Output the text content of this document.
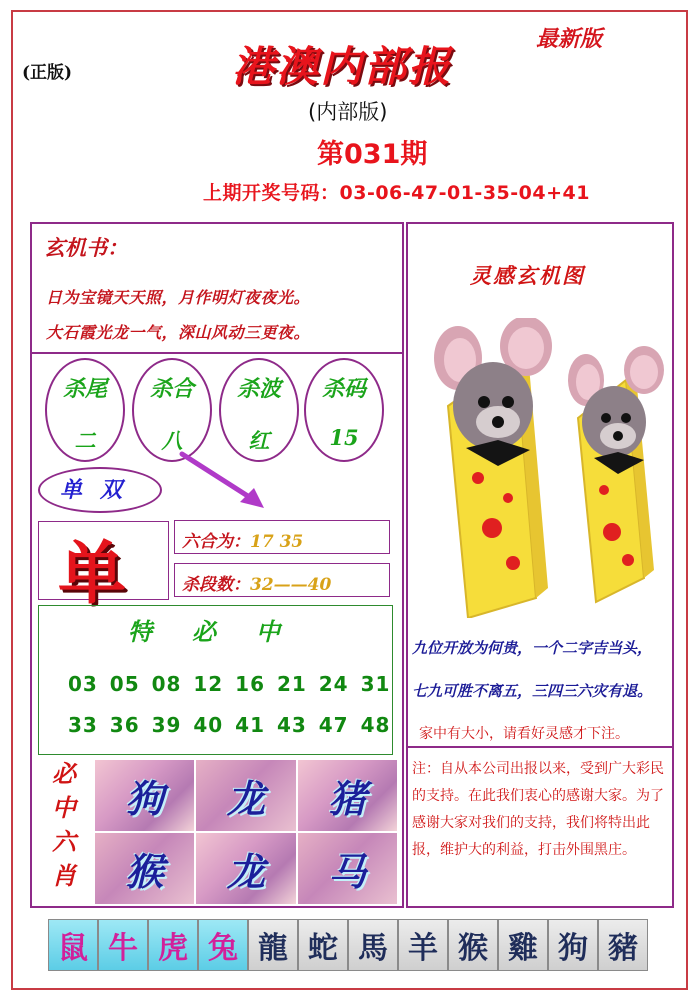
(正版)
最新版
港澳内部报
(内部版)
第031期
上期开奖号码：03-06-47-01-35-04+41
玄机书：
日为宝镜天天照，月作明灯夜夜光。
大石霞光龙一气，深山风动三更夜。
杀尾
二
杀合
八
杀波
红
杀码
15
单双
单	六合为：17 35
杀段数：32——40
特必中
03 05 08 12 16 21 24 31
33 36 39 40 41 43 47 48
必
中
六
肖
狗	龙	猪
猴	龙	马
灵感玄机图
九位开放为何贵，一个二字吉当头，
七九可胜不离五，三四三六灾有退。
家中有大小，请看好灵感才下注。
注：自从本公司出报以来，受到广大彩民的支持。在此我们衷心的感谢大家。为了感谢大家对我们的支持，我们将特出此报，维护大的利益，打击外围黑庄。
鼠 牛 虎 兔 龍 蛇 馬 羊 猴 雞 狗 豬
